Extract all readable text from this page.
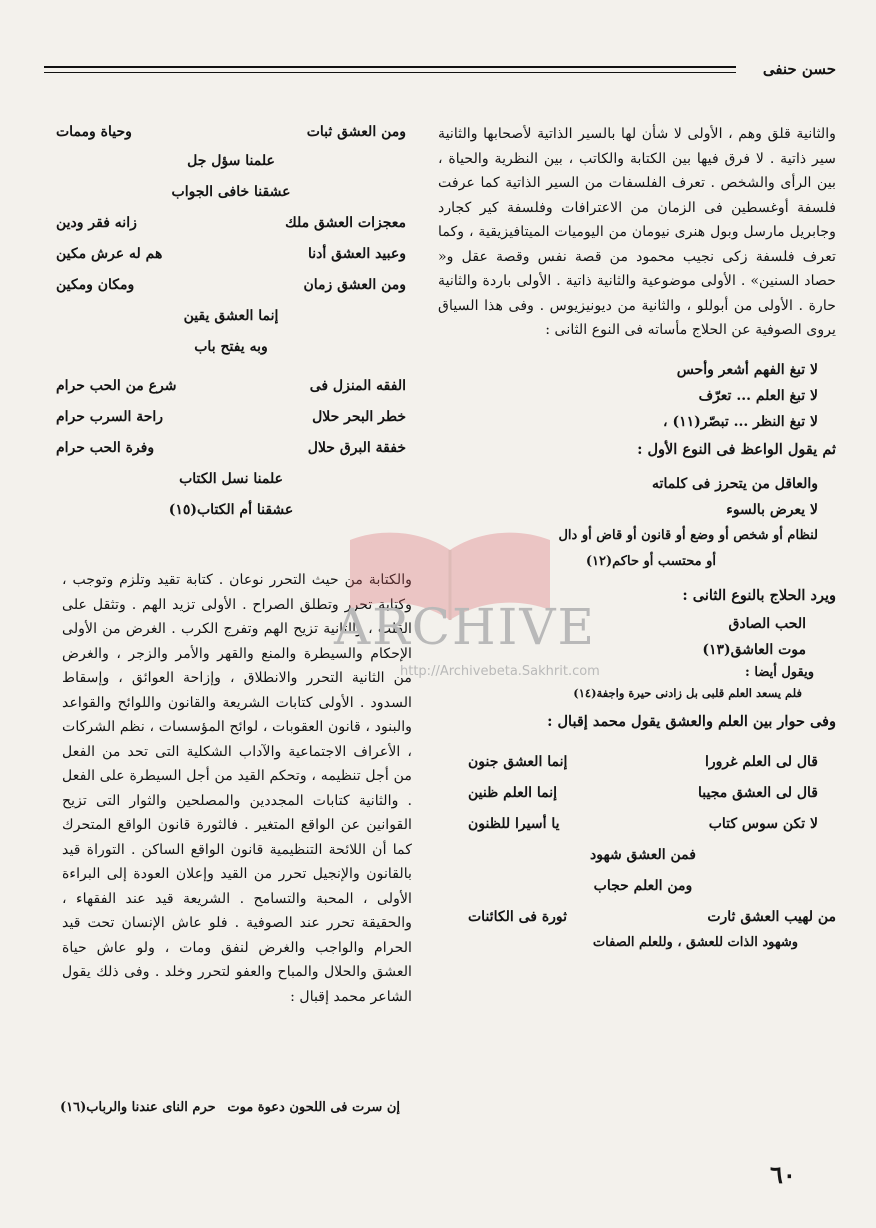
حسن حنفى

والثانية قلق وهم ، الأولى لا شأن لها بالسير الذاتية لأصحابها والثانية سير ذاتية . لا فرق فيها بين الكتابة والكاتب ، بين النظرية والحياة ، بين الرأى والشخص . تعرف الفلسفات من السير الذاتية كما عرفت فلسفة أوغسطين فى الزمان من الاعترافات وفلسفة كير كجارد وجابريل مارسل وبول هنرى نيومان من اليوميات الميتافيزيقية ، وكما تعرف فلسفة زكى نجيب محمود من قصة نفس وقصة عقل و« حصاد السنين» . الأولى موضوعية والثانية ذاتية . الأولى باردة والثانية حارة . الأولى من أبوللو ، والثانية من ديونيزيوس . وفى هذا السياق يروى الصوفية عن الحلاج مأساته فى النوع الثانى :

لا تبغ الفهم أشعر وأحس
لا تبغ العلم ... تعرّف
لا تبغ النظر ... تبصّر(١١) ،
ثم يقول الواعظ فى النوع الأول :
والعاقل من يتحرز فى كلماته
لا يعرض بالسوء
لنظام أو شخص أو وضع أو قانون أو قاض أو دال
أو محتسب أو حاكم(١٢)
ويرد الحلاج بالنوع الثانى :
الحب الصادق
موت العاشق(١٣)
ويقول أيضا :
فلم يسعد العلم قلبى بل زادنى حيرة واجفة(١٤)
وفى حوار بين العلم والعشق يقول محمد إقبال :
قال لى العلم غرورا
إنما العشق جنون
قال لى العشق مجيبا
إنما العلم ظنين
لا تكن سوس كتاب
يا أسيرا للظنون
فمن العشق شهود
ومن العلم حجاب
من لهيب العشق ثارت
ثورة فى الكائنات
وشهود الذات للعشق ، وللعلم الصفات
ومن العشق ثبات
وحياة وممات
علمنا سؤل جل
عشقنا خافى الجواب
معجزات العشق ملك
زانه فقر ودين
وعبيد العشق أدنا
هم له عرش مكين
ومن العشق زمان
ومكان ومكين
إنما العشق يقين
وبه يفتح باب
الفقه المنزل فى
شرع من الحب حرام
خطر البحر حلال
راحة السرب حرام
خفقة البرق حلال
وفرة الحب حرام
علمنا نسل الكتاب
عشقنا أم الكتاب(١٥)

والكتابة من حيث التحرر نوعان . كتابة تقيد وتلزم وتوجب ، وكتابة تحرر وتطلق الصراح . الأولى تزيد الهم . وتثقل على القلب ، والثانية تزيح الهم وتفرج الكرب . الغرض من الأولى الإحكام والسيطرة والمنع والقهر والأمر والزجر ، والغرض من الثانية التحرر والانطلاق ، وإزاحة العوائق ، وإسقاط السدود . الأولى كتابات الشريعة والقانون واللوائح والقواعد والبنود ، قانون العقوبات ، لوائح المؤسسات ، نظم الشركات ، الأعراف الاجتماعية والآداب الشكلية التى تحد من الفعل من أجل تنظيمه ، وتحكم القيد من أجل السيطرة على الفعل . والثانية كتابات المجددين والمصلحين والثوار التى تزيح القوانين عن الواقع المتغير . فالثورة قانون الواقع المتحرك كما أن اللائحة التنظيمية قانون الواقع الساكن . التوراة قيد بالقانون والإنجيل تحرر من القيد وإعلان العودة إلى البراءة الأولى ، المحبة والتسامح . الشريعة قيد عند الفقهاء ، والحقيقة تحرر عند الصوفية . فلو عاش الإنسان تحت قيد الحرام والواجب والغرض لنفق ومات ، ولو عاش حياة العشق والحلال والمباح والعفو لتحرر وخلد . وفى ذلك يقول الشاعر محمد إقبال :

إن سرت فى اللحون دعوة موت
حرم الناى عندنا والرباب(١٦)
ARCHIVE
http://Archivebeta.Sakhrit.com
٦٠
